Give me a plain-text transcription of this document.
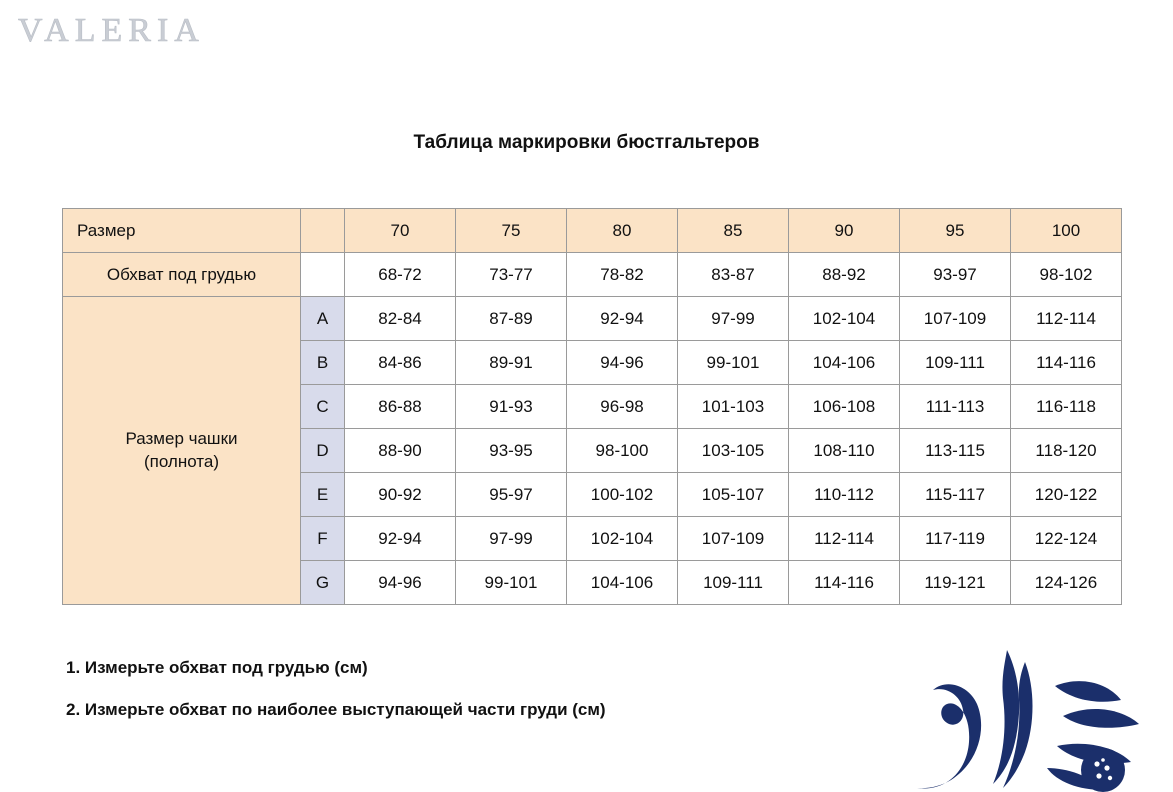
VALERIA
Таблица маркировки бюстгальтеров
Размер		70	75	80	85	90	95	100
Обхват под грудью		68-72	73-77	78-82	83-87	88-92	93-97	98-102
Размер чашки
(полнота)	A	82-84	87-89	92-94	97-99	102-104	107-109	112-114
	B	84-86	89-91	94-96	99-101	104-106	109-111	114-116
	C	86-88	91-93	96-98	101-103	106-108	111-113	116-118
	D	88-90	93-95	98-100	103-105	108-110	113-115	118-120
	E	90-92	95-97	100-102	105-107	110-112	115-117	120-122
	F	92-94	97-99	102-104	107-109	112-114	117-119	122-124
	G	94-96	99-101	104-106	109-111	114-116	119-121	124-126
1. Измерьте обхват под грудью (см)
2. Измерьте обхват по наиболее выступающей части груди (см)
